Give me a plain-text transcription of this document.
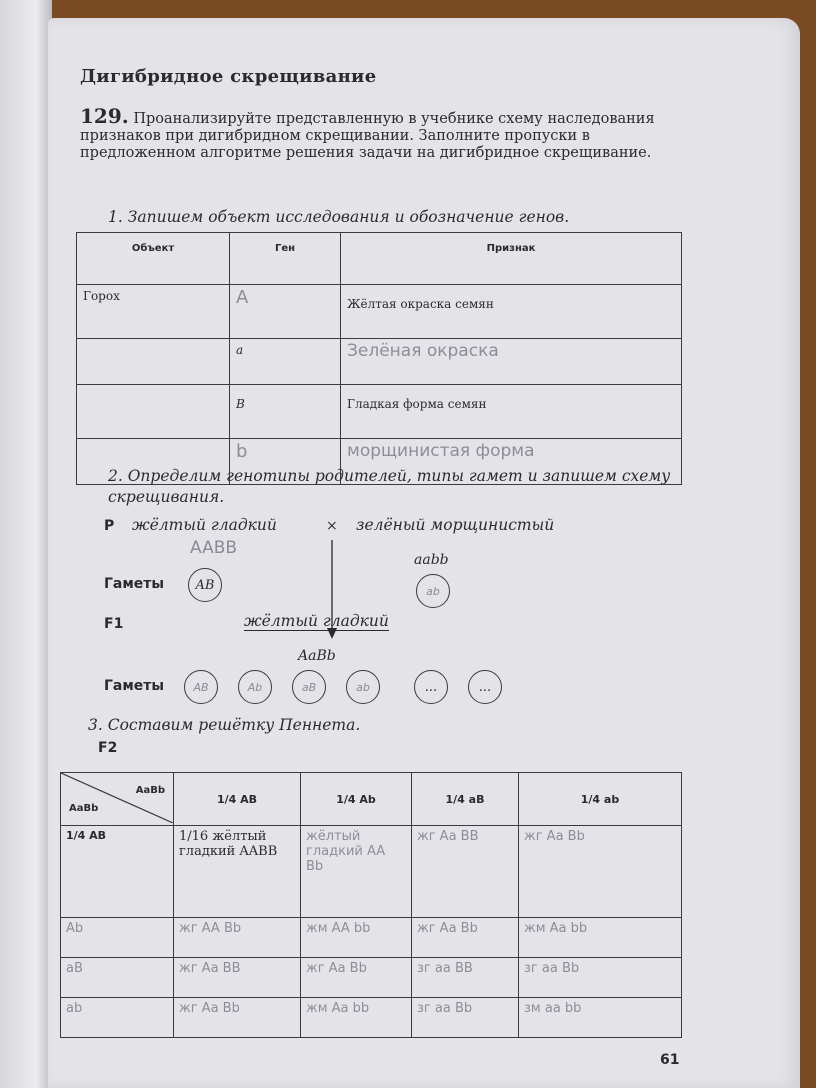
Дигибридное скрещивание
129. Проанализируйте представленную в учебнике схему наследования признаков при дигибридном скрещивании. Заполните пропуски в предложенном алгоритме решения задачи на дигибридное скрещивание.
1. Запишем объект исследования и обозначение генов.
Объект	Ген	Признак
Горох	A	Жёлтая окраска семян
	a	Зелёная окраска
	B	Гладкая форма семян
	b	морщинистая форма
2. Определим генотипы родителей, типы гамет и запишем схему скрещивания.
P жёлтый гладкий	× зелёный морщинистый
AABB
aabb
Гаметы AB	ab
F1	жёлтый гладкий
AaBb
Гаметы	AB	Ab	aB	ab	...	...
3. Составим решётку Пеннета.
F2
AaBb
AaBb	1/4 AB	1/4 Ab	1/4 aB	1/4 ab
1/4 AB	1/16 жёлтый гладкий AABB	жёлтый гладкий AA Bb	жг Aa BB	жг Aa Bb
Ab	жг AA Bb	жм AA bb	жг Aa Bb	жм Aa bb
aB	жг Aa BB	жг Aa Bb	зг aa BB	зг aa Bb
ab	жг Aa Bb	жм Aa bb	зг aa Bb	зм aa bb
61
